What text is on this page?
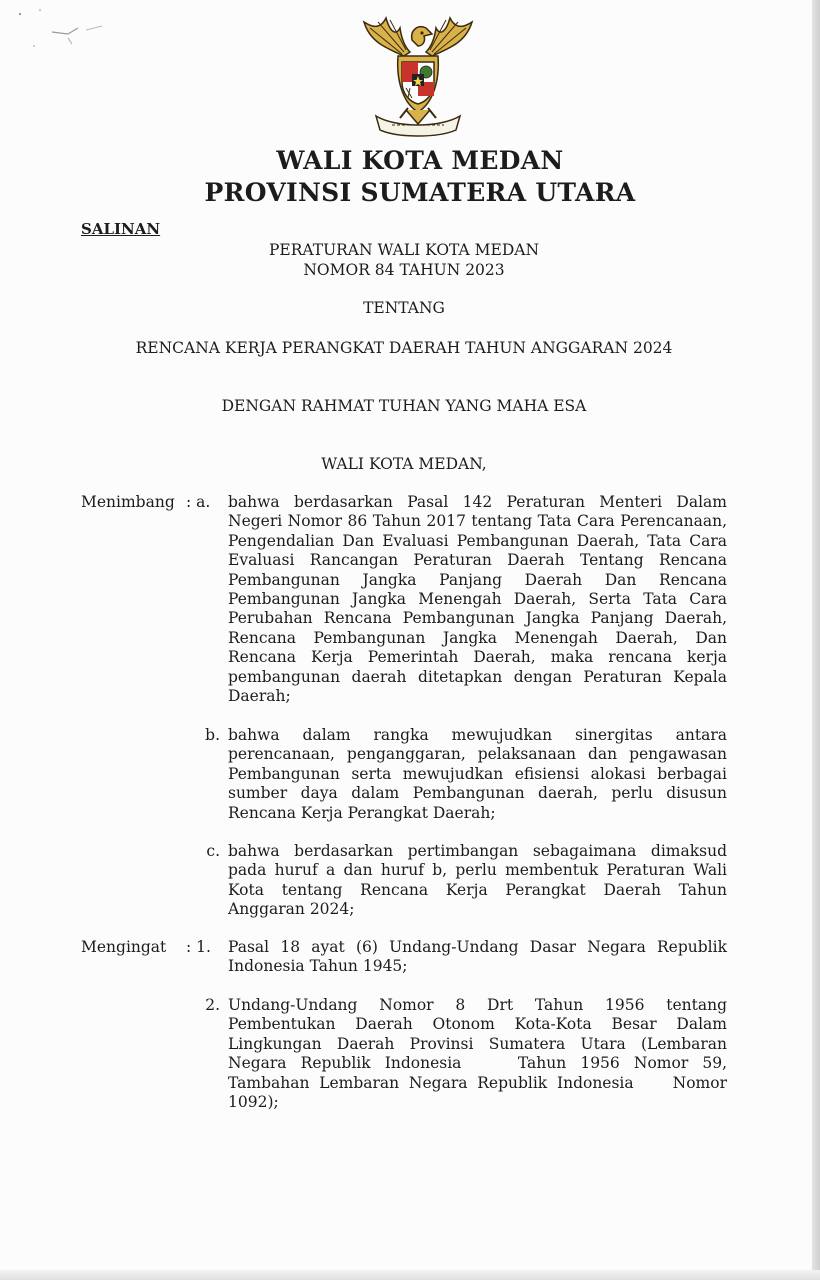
WALI KOTA MEDAN
PROVINSI SUMATERA UTARA
SALINAN
PERATURAN WALI KOTA MEDAN
NOMOR 84 TAHUN 2023
TENTANG
RENCANA KERJA PERANGKAT DAERAH TAHUN ANGGARAN 2024
DENGAN RAHMAT TUHAN YANG MAHA ESA
WALI KOTA MEDAN,
Menimbang : a.	bahwa berdasarkan Pasal 142 Peraturan Menteri Dalam Negeri Nomor 86 Tahun 2017 tentang Tata Cara Perencanaan, Pengendalian Dan Evaluasi Pembangunan Daerah, Tata Cara Evaluasi Rancangan Peraturan Daerah Tentang Rencana Pembangunan Jangka Panjang Daerah Dan Rencana Pembangunan Jangka Menengah Daerah, Serta Tata Cara Perubahan Rencana Pembangunan Jangka Panjang Daerah, Rencana Pembangunan Jangka Menengah Daerah, Dan Rencana Kerja Pemerintah Daerah, maka rencana kerja pembangunan daerah ditetapkan dengan Peraturan Kepala Daerah;
b. bahwa dalam rangka mewujudkan sinergitas antara perencanaan, penganggaran, pelaksanaan dan pengawasan Pembangunan serta mewujudkan efisiensi alokasi berbagai sumber daya dalam Pembangunan daerah, perlu disusun Rencana Kerja Perangkat Daerah;
c. bahwa berdasarkan pertimbangan sebagaimana dimaksud pada huruf a dan huruf b, perlu membentuk Peraturan Wali Kota tentang Rencana Kerja Perangkat Daerah Tahun Anggaran 2024;
Mengingat : 1.	Pasal 18 ayat (6) Undang-Undang Dasar Negara Republik Indonesia Tahun 1945;
2. Undang-Undang Nomor 8 Drt Tahun 1956 tentang Pembentukan Daerah Otonom Kota-Kota Besar Dalam Lingkungan Daerah Provinsi Sumatera Utara (Lembaran Negara Republik Indonesia    Tahun 1956 Nomor 59, Tambahan Lembaran Negara Republik Indonesia    Nomor 1092);
